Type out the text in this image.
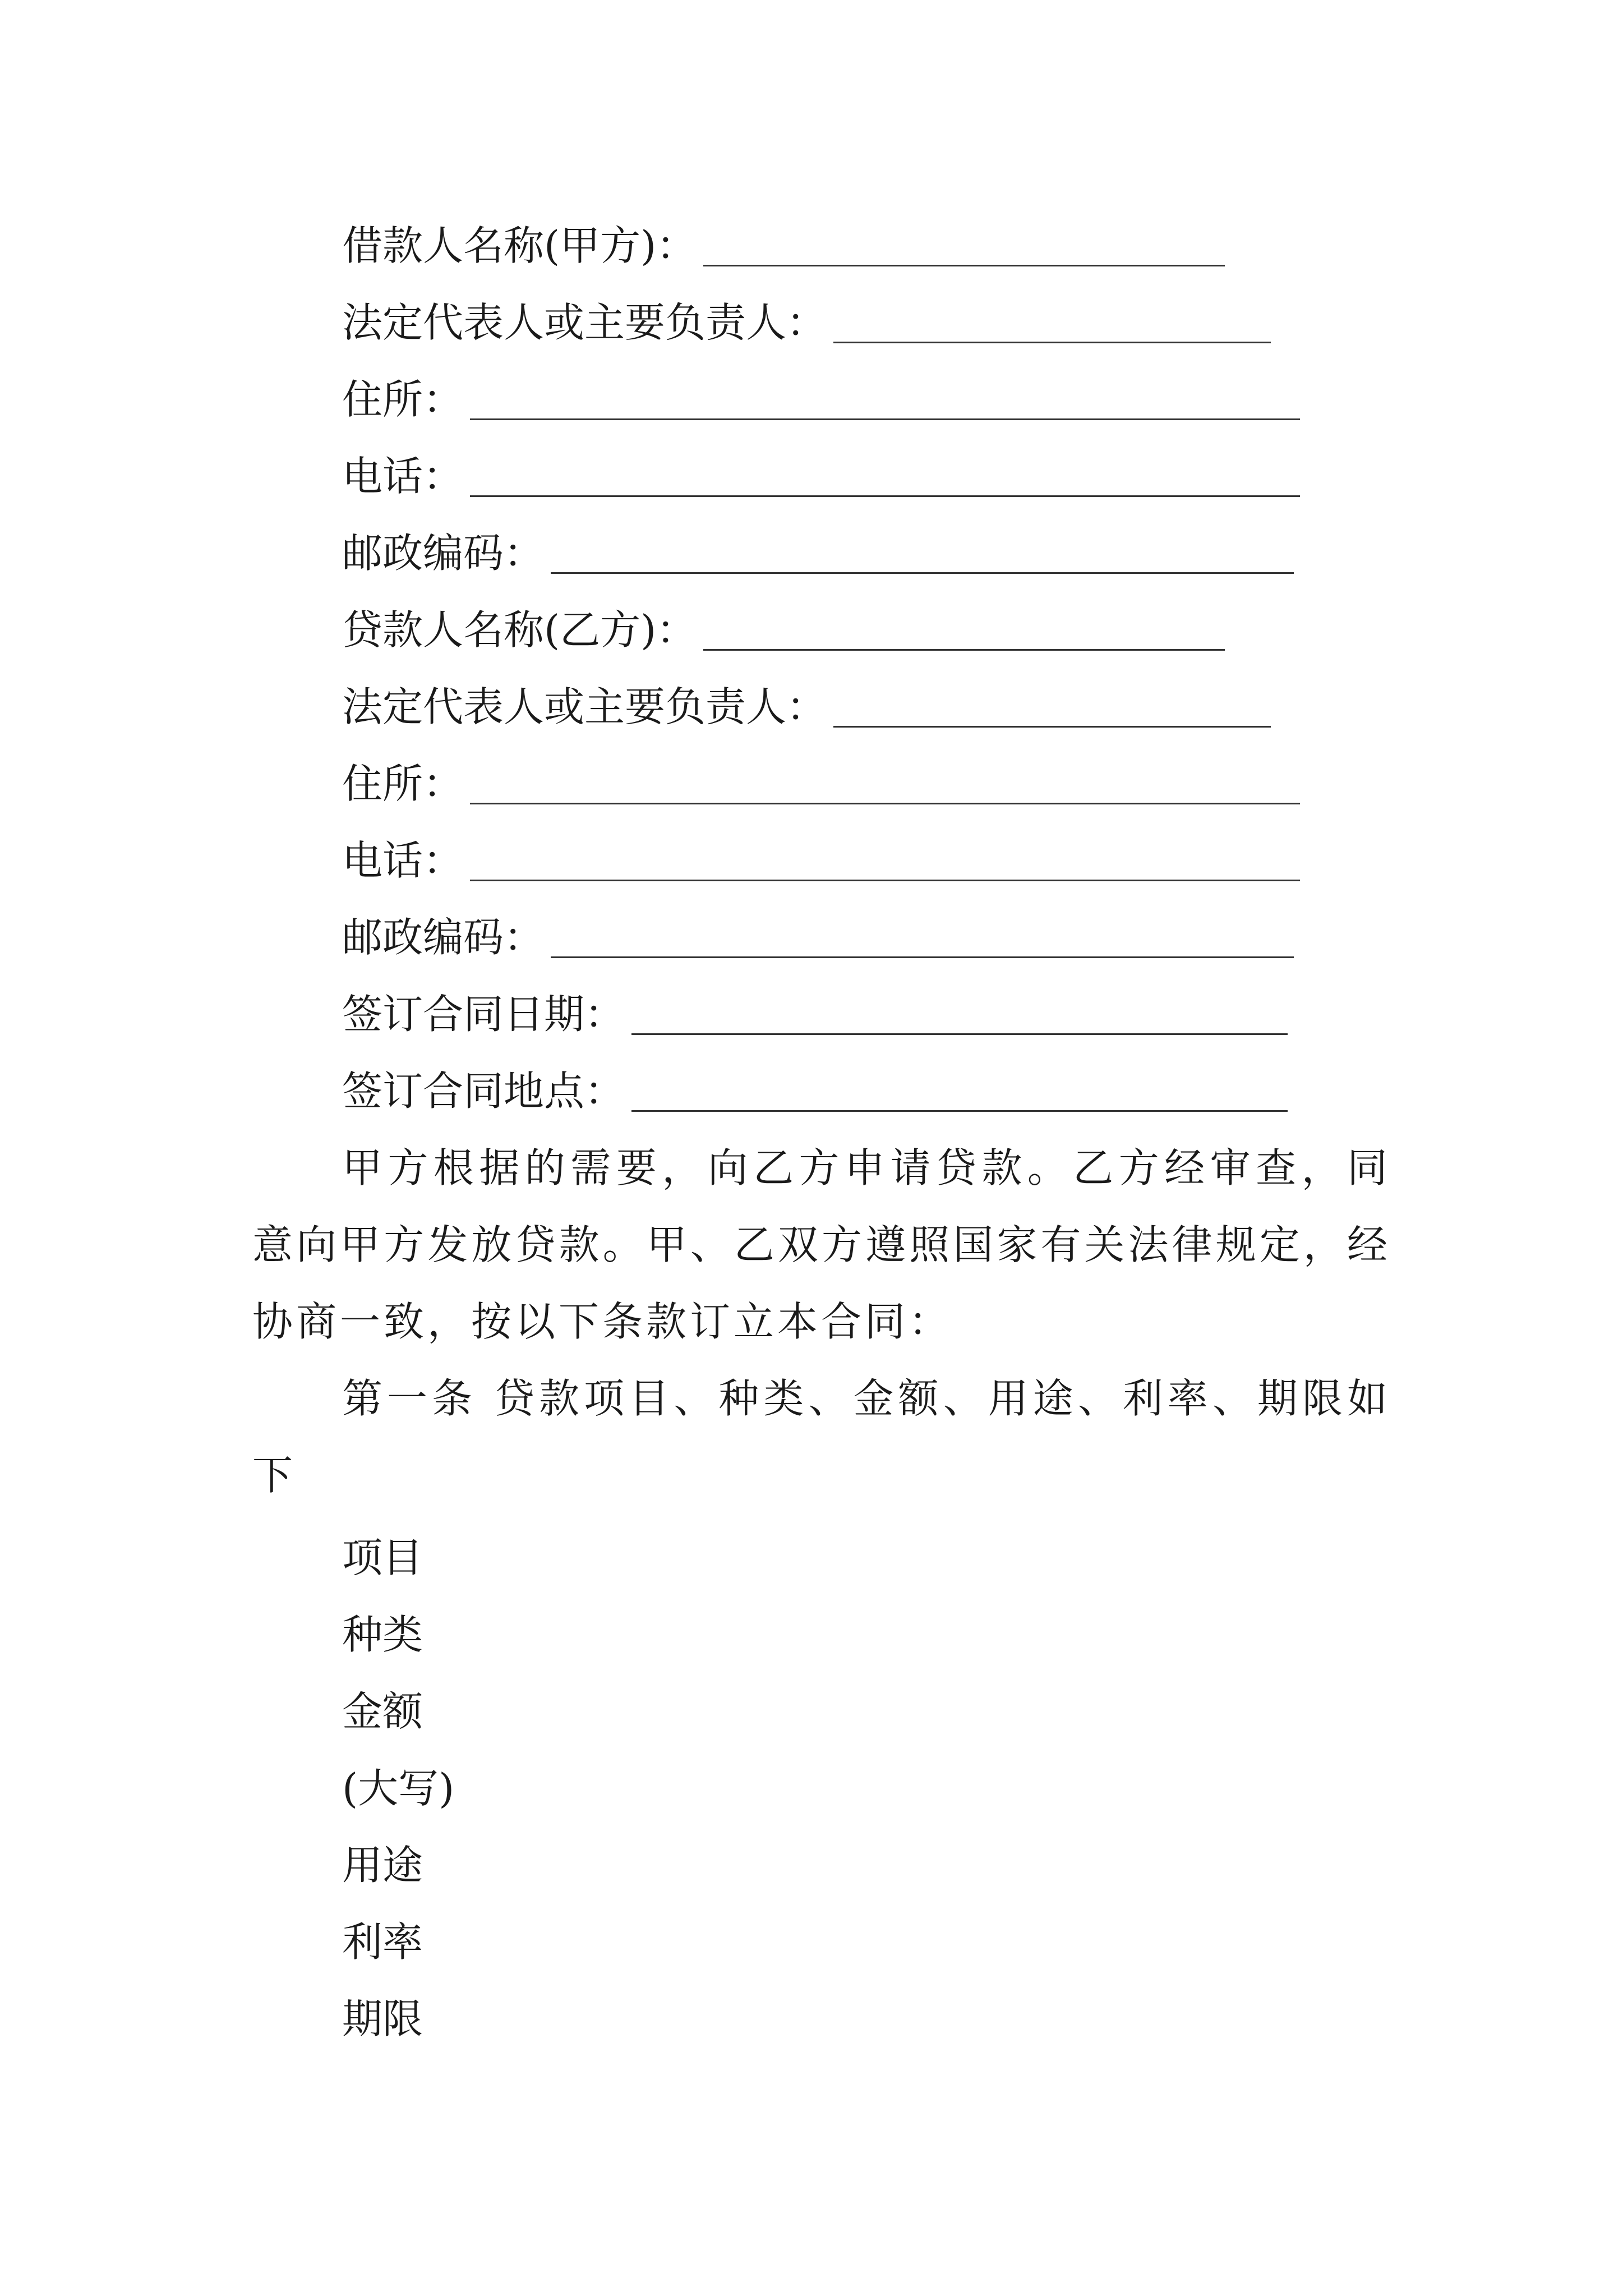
借款人名称(甲方)：
法定代表人或主要负责人：
住所：
电话：
邮政编码：
贷款人名称(乙方)：
法定代表人或主要负责人：
住所：
电话：
邮政编码：
签订合同日期：
签订合同地点：

甲方根据的需要，向乙方申请贷款。乙方经审查，同意向甲方发放贷款。甲、乙双方遵照国家有关法律规定，经协商一致，按以下条款订立本合同：

第一条 贷款项目、种类、金额、用途、利率、期限如下

项目
种类
金额
(大写)
用途
利率
期限
